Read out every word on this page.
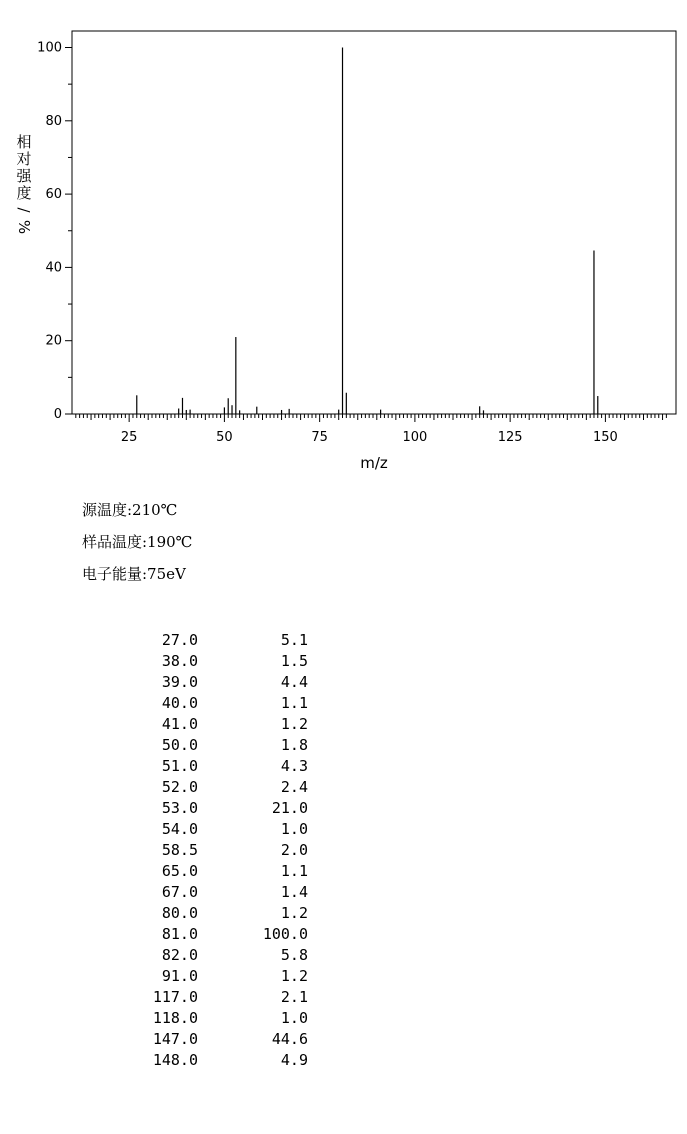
0
20
40
60
80
100
25	50	75	100	125	150
m/z
相
对
强
度
/
%
源温度:210℃
样品温度:190℃
电子能量:75eV
27.0	5.1
38.0	1.5
39.0	4.4
40.0	1.1
41.0	1.2
50.0	1.8
51.0	4.3
52.0	2.4
53.0	21.0
54.0	1.0
58.5	2.0
65.0	1.1
67.0	1.4
80.0	1.2
81.0	100.0
82.0	5.8
91.0	1.2
117.0	2.1
118.0	1.0
147.0	44.6
148.0	4.9
